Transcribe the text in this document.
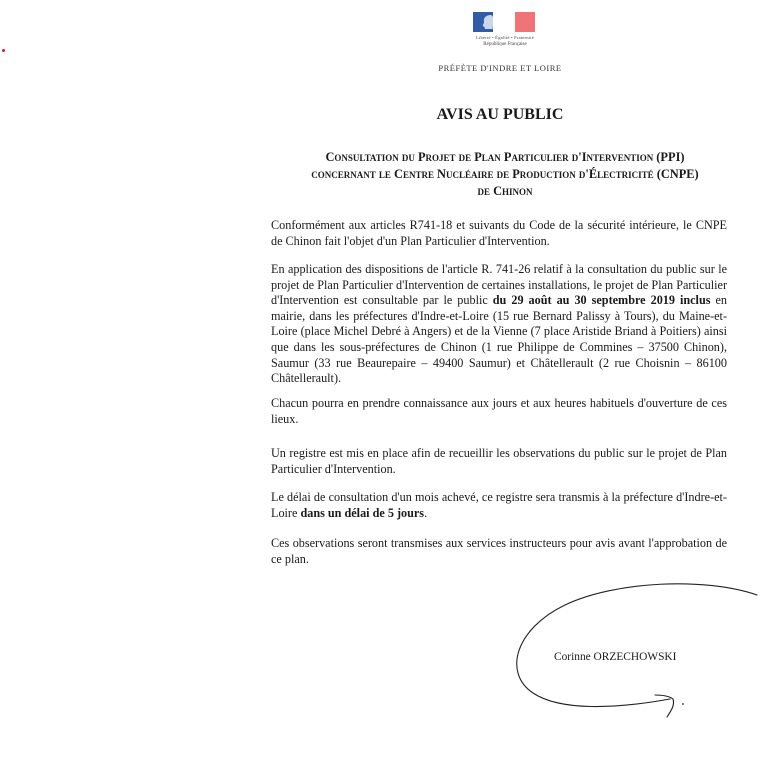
Liberté • Égalité • Fraternité
République Française
PRÉFÈTE D'INDRE ET LOIRE
AVIS AU PUBLIC
Consultation du Projet de Plan Particulier d'Intervention (PPI)
concernant le Centre Nucléaire de Production d'Électricité (CNPE)
de Chinon

Conformément aux articles R741-18 et suivants du Code de la sécurité intérieure, le CNPE de Chinon fait l'objet d'un Plan Particulier d'Intervention.

En application des dispositions de l'article R. 741-26 relatif à la consultation du public sur le projet de Plan Particulier d'Intervention de certaines installations, le projet de Plan Particulier d'Intervention est consultable par le public du 29 août au 30 septembre 2019 inclus en mairie, dans les préfectures d'Indre-et-Loire (15 rue Bernard Palissy à Tours), du Maine-et-Loire (place Michel Debré à Angers) et de la Vienne (7 place Aristide Briand à Poitiers) ainsi que dans les sous-préfectures de Chinon (1 rue Philippe de Commines – 37500 Chinon), Saumur (33 rue Beaurepaire – 49400 Saumur) et Châtellerault (2 rue Choisnin – 86100 Châtellerault).

Chacun pourra en prendre connaissance aux jours et aux heures habituels d'ouverture de ces lieux.

Un registre est mis en place afin de recueillir les observations du public sur le projet de Plan Particulier d'Intervention.

Le délai de consultation d'un mois achevé, ce registre sera transmis à la préfecture d'Indre-et-Loire dans un délai de 5 jours.

Ces observations seront transmises aux services instructeurs pour avis avant l'approbation de ce plan.

Corinne ORZECHOWSKI
